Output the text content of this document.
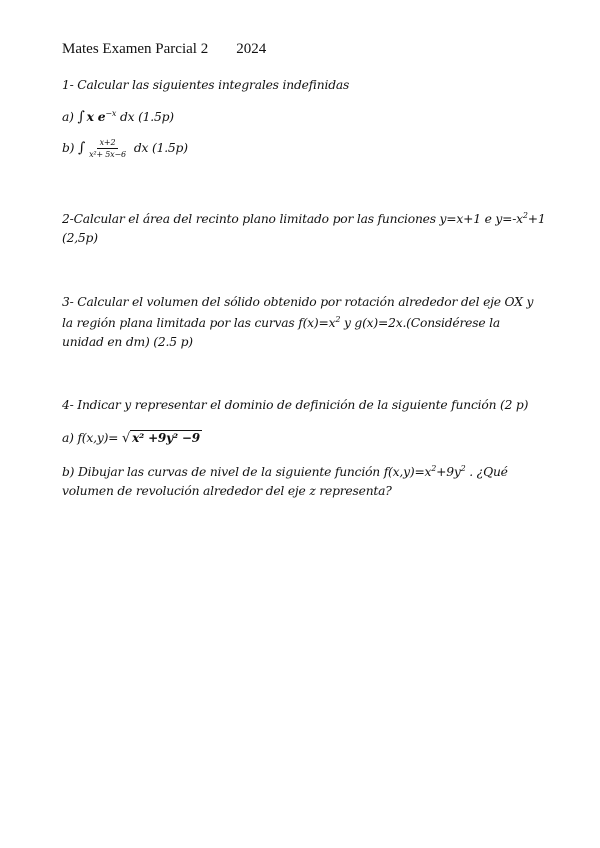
Mates Examen Parcial 2 2024
1- Calcular las siguientes integrales indefinidas
a) ∫ x $e^{-x}$ dx (1.5p)
b) ∫ $\frac{x+2}{\text{x²+ 5x−6}}$ dx (1.5p)
2-Calcular el área del recinto plano limitado por las funciones y=x+1 e $y=-x^2+1$
(2,5p)
3- Calcular el volumen del sólido obtenido por rotación alrededor del eje OX y
la región plana limitada por las curvas $f(x)=x^2$ y g(x)=2x.(Considérese la
unidad en dm) (2.5 p)
4- Indicar y representar el dominio de definición de la siguiente función (2 p)
a) f(x,y)= √ x² +9y² −9
b) Dibujar las curvas de nivel de la siguiente función $f(x,y)=x^2+9y^2$ . ¿Qué
volumen de revolución alrededor del eje z representa?
